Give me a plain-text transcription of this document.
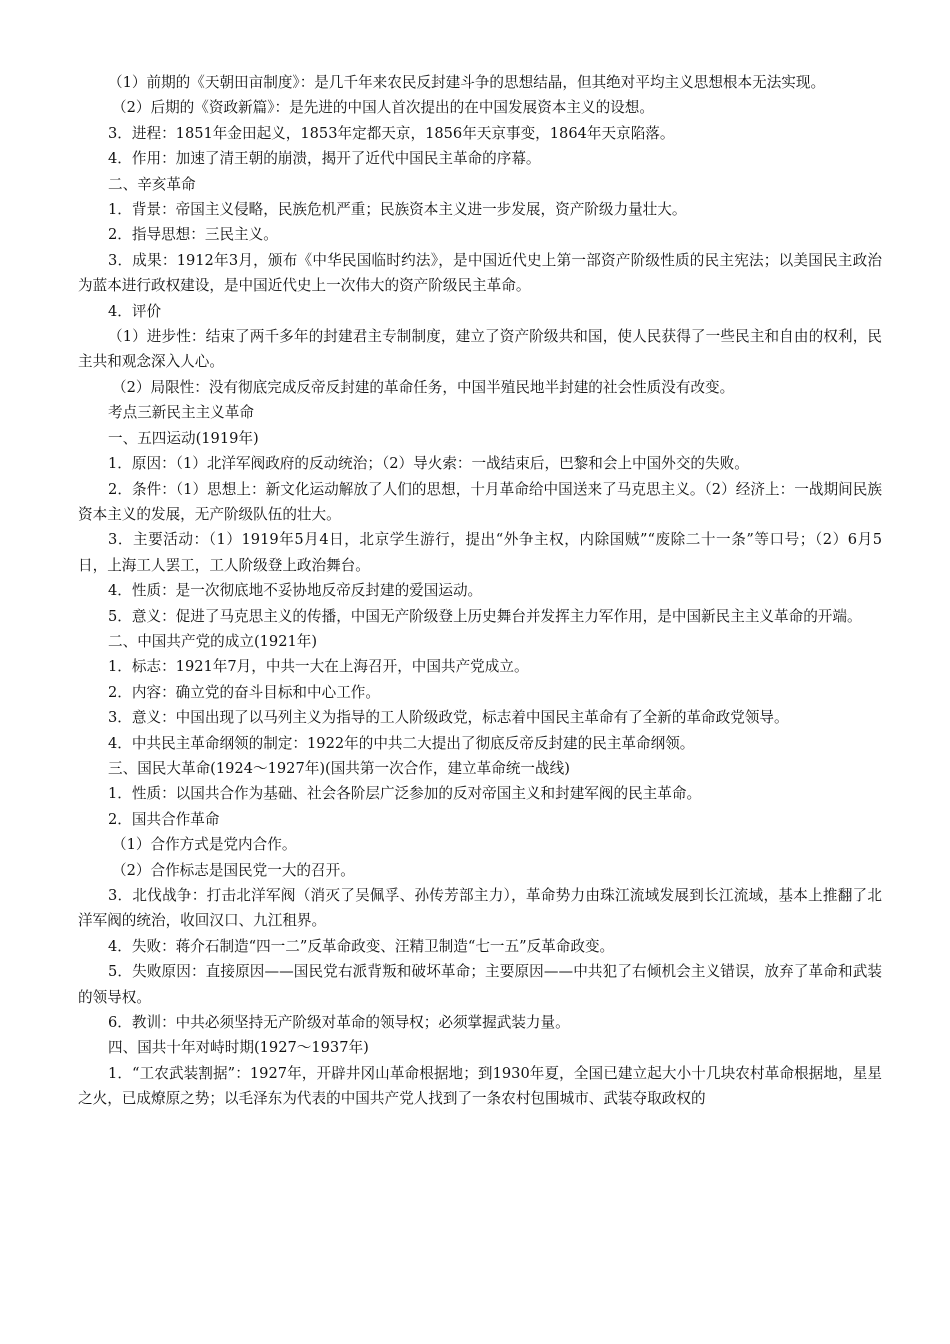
（1）前期的《天朝田亩制度》：是几千年来农民反封建斗争的思想结晶，但其绝对平均主义思想根本无法实现。

（2）后期的《资政新篇》：是先进的中国人首次提出的在中国发展资本主义的设想。

3．进程：1851年金田起义，1853年定都天京，1856年天京事变，1864年天京陷落。

4．作用：加速了清王朝的崩溃，揭开了近代中国民主革命的序幕。

二、辛亥革命

1．背景：帝国主义侵略，民族危机严重；民族资本主义进一步发展，资产阶级力量壮大。

2．指导思想：三民主义。

3．成果：1912年3月，颁布《中华民国临时约法》，是中国近代史上第一部资产阶级性质的民主宪法；以美国民主政治为蓝本进行政权建设，是中国近代史上一次伟大的资产阶级民主革命。

4．评价

（1）进步性：结束了两千多年的封建君主专制制度，建立了资产阶级共和国，使人民获得了一些民主和自由的权利，民主共和观念深入人心。

（2）局限性：没有彻底完成反帝反封建的革命任务，中国半殖民地半封建的社会性质没有改变。

考点三新民主主义革命

一、五四运动(1919年)

1．原因：（1）北洋军阀政府的反动统治；（2）导火索：一战结束后，巴黎和会上中国外交的失败。

2．条件：（1）思想上：新文化运动解放了人们的思想，十月革命给中国送来了马克思主义。（2）经济上：一战期间民族资本主义的发展，无产阶级队伍的壮大。

3．主要活动：（1）1919年5月4日，北京学生游行，提出“外争主权，内除国贼”“废除二十一条”等口号；（2）6月5日，上海工人罢工，工人阶级登上政治舞台。

4．性质：是一次彻底地不妥协地反帝反封建的爱国运动。

5．意义：促进了马克思主义的传播，中国无产阶级登上历史舞台并发挥主力军作用，是中国新民主主义革命的开端。

二、中国共产党的成立(1921年)

1．标志：1921年7月，中共一大在上海召开，中国共产党成立。

2．内容：确立党的奋斗目标和中心工作。

3．意义：中国出现了以马列主义为指导的工人阶级政党，标志着中国民主革命有了全新的革命政党领导。

4．中共民主革命纲领的制定：1922年的中共二大提出了彻底反帝反封建的民主革命纲领。

三、国民大革命(1924～1927年)(国共第一次合作，建立革命统一战线)

1．性质：以国共合作为基础、社会各阶层广泛参加的反对帝国主义和封建军阀的民主革命。

2．国共合作革命

（1）合作方式是党内合作。

（2）合作标志是国民党一大的召开。

3．北伐战争：打击北洋军阀（消灭了吴佩孚、孙传芳部主力），革命势力由珠江流域发展到长江流域，基本上推翻了北洋军阀的统治，收回汉口、九江租界。

4．失败：蒋介石制造“四一二”反革命政变、汪精卫制造“七一五”反革命政变。

5．失败原因：直接原因——国民党右派背叛和破坏革命；主要原因——中共犯了右倾机会主义错误，放弃了革命和武装的领导权。

6．教训：中共必须坚持无产阶级对革命的领导权；必须掌握武装力量。

四、国共十年对峙时期(1927～1937年)

1．“工农武装割据”：1927年，开辟井冈山革命根据地；到1930年夏，全国已建立起大小十几块农村革命根据地，星星之火，已成燎原之势；以毛泽东为代表的中国共产党人找到了一条农村包围城市、武装夺取政权的
